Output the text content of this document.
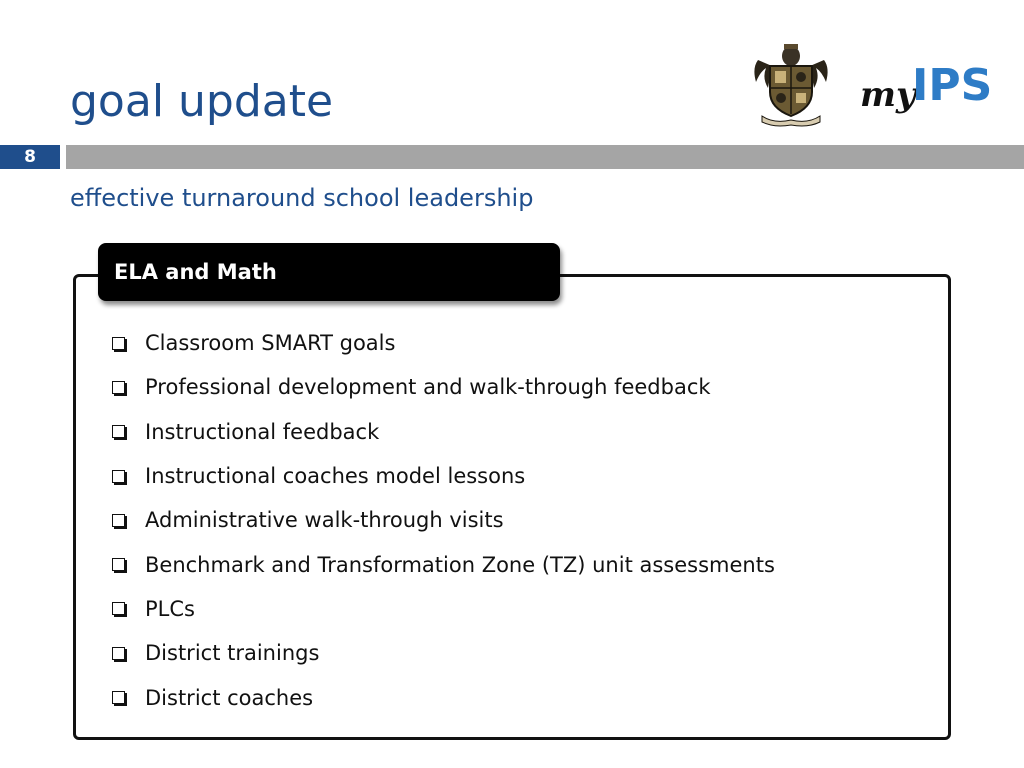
goal update
8
effective turnaround school leadership
my
IPS
ELA and Math
Classroom SMART goals
Professional development and walk-through feedback
Instructional feedback
Instructional coaches model lessons
Administrative walk-through visits
Benchmark and Transformation Zone (TZ) unit assessments
PLCs
District trainings
District coaches
